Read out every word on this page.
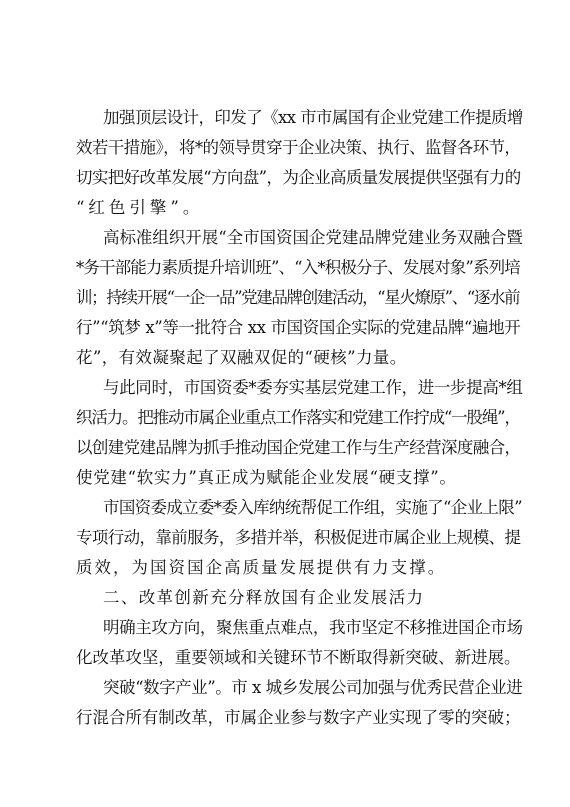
加强顶层设计，印发了《xx 市市属国有企业党建工作提质增
效若干措施》，将*的领导贯穿于企业决策、执行、监督各环节，
切实把好改革发展“方向盘”，为企业高质量发展提供坚强有力的
“红色引擎”。
高标准组织开展“全市国资国企党建品牌党建业务双融合暨
*务干部能力素质提升培训班”、“入*积极分子、发展对象”系列培
训；持续开展“一企一品”党建品牌创建活动，“星火燎原”、“逐水前
行”“筑梦 x”等一批符合 xx 市国资国企实际的党建品牌“遍地开
花”，有效凝聚起了双融双促的“硬核”力量。
与此同时，市国资委*委夯实基层党建工作，进一步提高*组
织活力。把推动市属企业重点工作落实和党建工作拧成“一股绳”，
以创建党建品牌为抓手推动国企党建工作与生产经营深度融合，
使党建“软实力”真正成为赋能企业发展“硬支撑”。
市国资委成立委*委入库纳统帮促工作组，实施了“企业上限”
专项行动，靠前服务，多措并举，积极促进市属企业上规模、提
质效，为国资国企高质量发展提供有力支撑。
二、改革创新充分释放国有企业发展活力
明确主攻方向，聚焦重点难点，我市坚定不移推进国企市场
化改革攻坚，重要领域和关键环节不断取得新突破、新进展。
突破“数字产业”。市 x 城乡发展公司加强与优秀民营企业进
行混合所有制改革，市属企业参与数字产业实现了零的突破；
